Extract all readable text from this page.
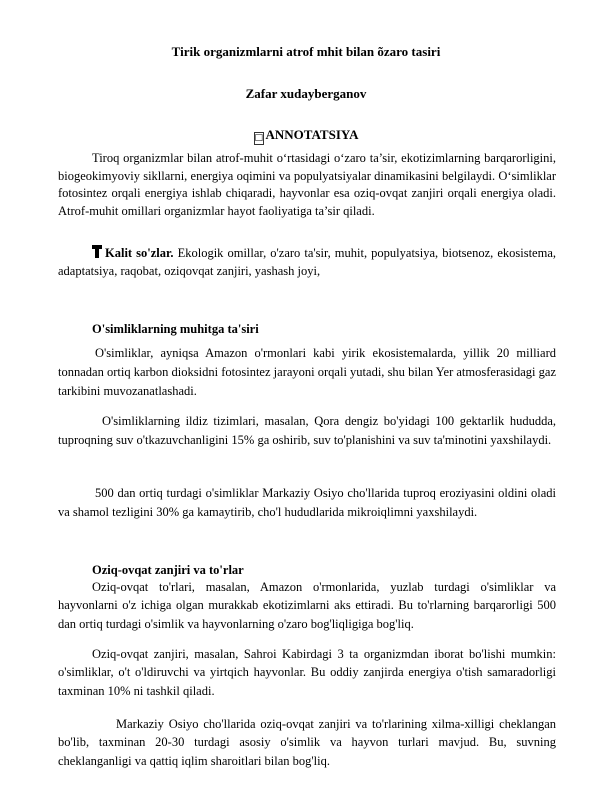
Tirik organizmlarni atrof mhit bilan õzaro tasiri
Zafar xudayberganov
□ ANNOTATSIYA
Tiroq organizmlar bilan atrof-muhit o‘rtasidagi o‘zaro ta’sir, ekotizimlarning barqarorligini, biogeokimyoviy sikllarni, energiya oqimini va populyatsiyalar dinamikasini belgilaydi. O‘simliklar fotosintez orqali energiya ishlab chiqaradi, hayvonlar esa oziq-ovqat zanjiri orqali energiya oladi. Atrof-muhit omillari organizmlar hayot faoliyatiga ta’sir qiladi.
Kalit so'zlar. Ekologik omillar, o'zaro ta'sir, muhit, populyatsiya, biotsenoz, ekosistema, adaptatsiya, raqobat, oziqovqat zanjiri, yashash joyi,
O'simliklarning muhitga ta'siri
O'simliklar, ayniqsa Amazon o'rmonlari kabi yirik ekosistemalarda, yillik 20 milliard tonnadan ortiq karbon dioksidni fotosintez jarayoni orqali yutadi, shu bilan Yer atmosferasidagi gaz tarkibini muvozanatlashadi.
O'simliklarning ildiz tizimlari, masalan, Qora dengiz bo'yidagi 100 gektarlik hududda, tuproqning suv o'tkazuvchanligini 15% ga oshirib, suv to'planishini va suv ta'minotini yaxshilaydi.
500 dan ortiq turdagi o'simliklar Markaziy Osiyo cho'llarida tuproq eroziyasini oldini oladi va shamol tezligini 30% ga kamaytirib, cho'l hududlarida mikroiqlimni yaxshilaydi.
Oziq-ovqat zanjiri va to'rlar
Oziq-ovqat to'rlari, masalan, Amazon o'rmonlarida, yuzlab turdagi o'simliklar va hayvonlarni o'z ichiga olgan murakkab ekotizimlarni aks ettiradi. Bu to'rlarning barqarorligi 500 dan ortiq turdagi o'simlik va hayvonlarning o'zaro bog'liqligiga bog'liq.
Oziq-ovqat zanjiri, masalan, Sahroi Kabirdagi 3 ta organizmdan iborat bo'lishi mumkin: o'simliklar, o't o'ldiruvchi va yirtqich hayvonlar. Bu oddiy zanjirda energiya o'tish samaradorligi taxminan 10% ni tashkil qiladi.
Markaziy Osiyo cho'llarida oziq-ovqat zanjiri va to'rlarining xilma-xilligi cheklangan bo'lib, taxminan 20-30 turdagi asosiy o'simlik va hayvon turlari mavjud. Bu, suvning cheklanganligi va qattiq iqlim sharoitlari bilan bog'liq.
